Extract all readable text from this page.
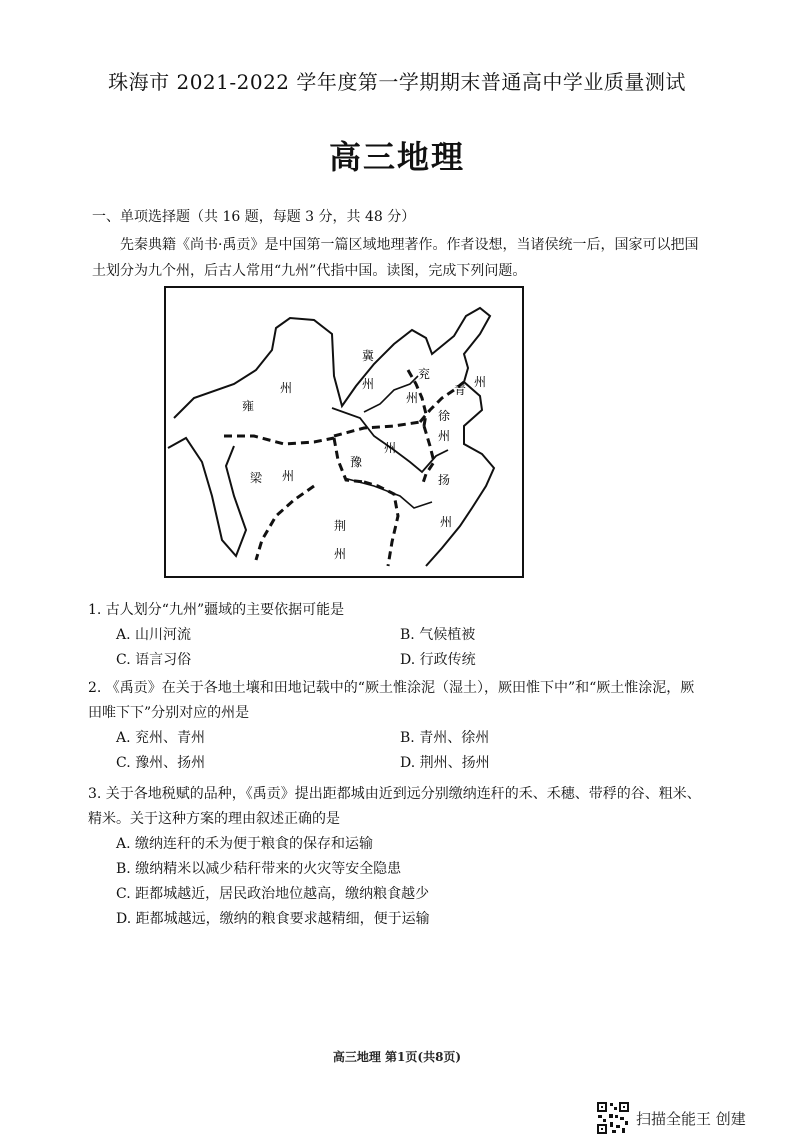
珠海市 2021-2022 学年度第一学期期末普通高中学业质量测试
高三地理
一、单项选择题（共 16 题，每题 3 分，共 48 分）
先秦典籍《尚书·禹贡》是中国第一篇区域地理著作。作者设想，当诸侯统一后，国家可以把国土划分为九个州，后古人常用“九州”代指中国。读图，完成下列问题。
州
雍
冀
州
兖
州
青
州
徐
州
州
豫
梁 州	扬
州
荆
州
1. 古人划分“九州”疆域的主要依据可能是
A. 山川河流	B. 气候植被
C. 语言习俗	D. 行政传统
2. 《禹贡》在关于各地土壤和田地记载中的“厥土惟涂泥（湿土），厥田惟下中”和“厥土惟涂泥，厥田唯下下”分别对应的州是
A. 兖州、青州	B. 青州、徐州
C. 豫州、扬州	D. 荆州、扬州
3. 关于各地税赋的品种，《禹贡》提出距都城由近到远分别缴纳连秆的禾、禾穗、带稃的谷、粗米、精米。关于这种方案的理由叙述正确的是
A. 缴纳连秆的禾为便于粮食的保存和运输
B. 缴纳精米以减少秸秆带来的火灾等安全隐患
C. 距都城越近，居民政治地位越高，缴纳粮食越少
D. 距都城越远，缴纳的粮食要求越精细，便于运输
高三地理 第1页(共8页)
扫描全能王 创建
